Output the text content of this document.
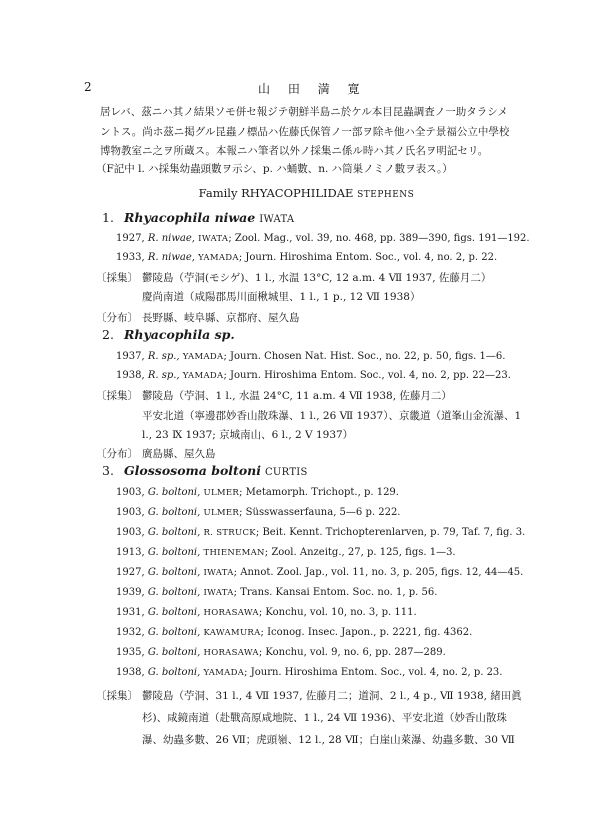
2	山 田 満 寛
居レバ、茲ニハ其ノ結果ソモ併セ報ジテ朝鮮半島ニ於ケル本目昆蟲調査ノ一助タラシメ
ントス。尚ホ茲ニ掲グル昆蟲ノ標品ハ佐藤氏保管ノ一部ヲ除キ他ハ全テ景福公立中學校
博物教室ニ之ヲ所蔵ス。本報ニハ筆者以外ノ採集ニ係ル時ハ其ノ氏名ヲ明記セリ。
（F記中 l. ハ採集幼蟲頭數ヲ示シ、p. ハ蛹數、n. ハ筒巣ノミノ數ヲ表ス。）
Family RHYACOPHILIDAE STEPHENS
1. Rhyacophila niwae IWATA
1927, R. niwae, IWATA; Zool. Mag., vol. 39, no. 468, pp. 389—390, figs. 191—192.
1933, R. niwae, YAMADA; Journ. Hiroshima Entom. Soc., vol. 4, no. 2, p. 22.
〔採集〕 鬱陵島（苧洞(モシゲ)、1 l., 水温 13°C, 12 a.m. 4 Ⅶ 1937, 佐藤月二）
慶尚南道（咸陽郡馬川面楸城里、1 l., 1 p., 12 Ⅶ 1938）
〔分布〕 長野縣、岐阜縣、京都府、屋久島
2. Rhyacophila sp.
1937, R. sp., YAMADA; Journ. Chosen Nat. Hist. Soc., no. 22, p. 50, figs. 1—6.
1938, R. sp., YAMADA; Journ. Hiroshima Entom. Soc., vol. 4, no. 2, pp. 22—23.
〔採集〕 鬱陵島（苧洞、1 l., 水温 24°C, 11 a.m. 4 Ⅶ 1938, 佐藤月二）
平安北道（寧邊郡妙香山散珠瀑、1 l., 26 Ⅶ 1937）、京畿道（道峯山金流瀑、1
l., 23 Ⅸ 1937; 京城南山、6 l., 2 Ⅴ 1937）
〔分布〕 廣島縣、屋久島
3. Glossosoma boltoni CURTIS
1903, G. boltoni, ULMER; Metamorph. Trichopt., p. 129.
1903, G. boltoni, ULMER; Süsswasserfauna, 5—6 p. 222.
1903, G. boltoni, R. STRUCK; Beit. Kennt. Trichopterenlarven, p. 79, Taf. 7, fig. 3.
1913, G. boltoni, THIENEMAN; Zool. Anzeitg., 27, p. 125, figs. 1—3.
1927, G. boltoni, IWATA; Annot. Zool. Jap., vol. 11, no. 3, p. 205, figs. 12, 44—45.
1939, G. boltoni, IWATA; Trans. Kansai Entom. Soc. no. 1, p. 56.
1931, G. boltoni, HORASAWA; Konchu, vol. 10, no. 3, p. 111.
1932, G. boltoni, KAWAMURA; Iconog. Insec. Japon., p. 2221, fig. 4362.
1935, G. boltoni, HORASAWA; Konchu, vol. 9, no. 6, pp. 287—289.
1938, G. boltoni, YAMADA; Journ. Hiroshima Entom. Soc., vol. 4, no. 2, p. 23.
〔採集〕 鬱陵島（苧洞、31 l., 4 Ⅶ 1937, 佐藤月二；道洞、2 l., 4 p., Ⅶ 1938, 緒田眞
杉)、咸鏡南道（赴戰高原咸地院、1 l., 24 Ⅶ 1936)、平安北道（妙香山散珠
瀑、幼蟲多數、26 Ⅶ；虎頭嶺、12 l., 28 Ⅶ；白崖山萊瀑、幼蟲多數、30 Ⅶ
